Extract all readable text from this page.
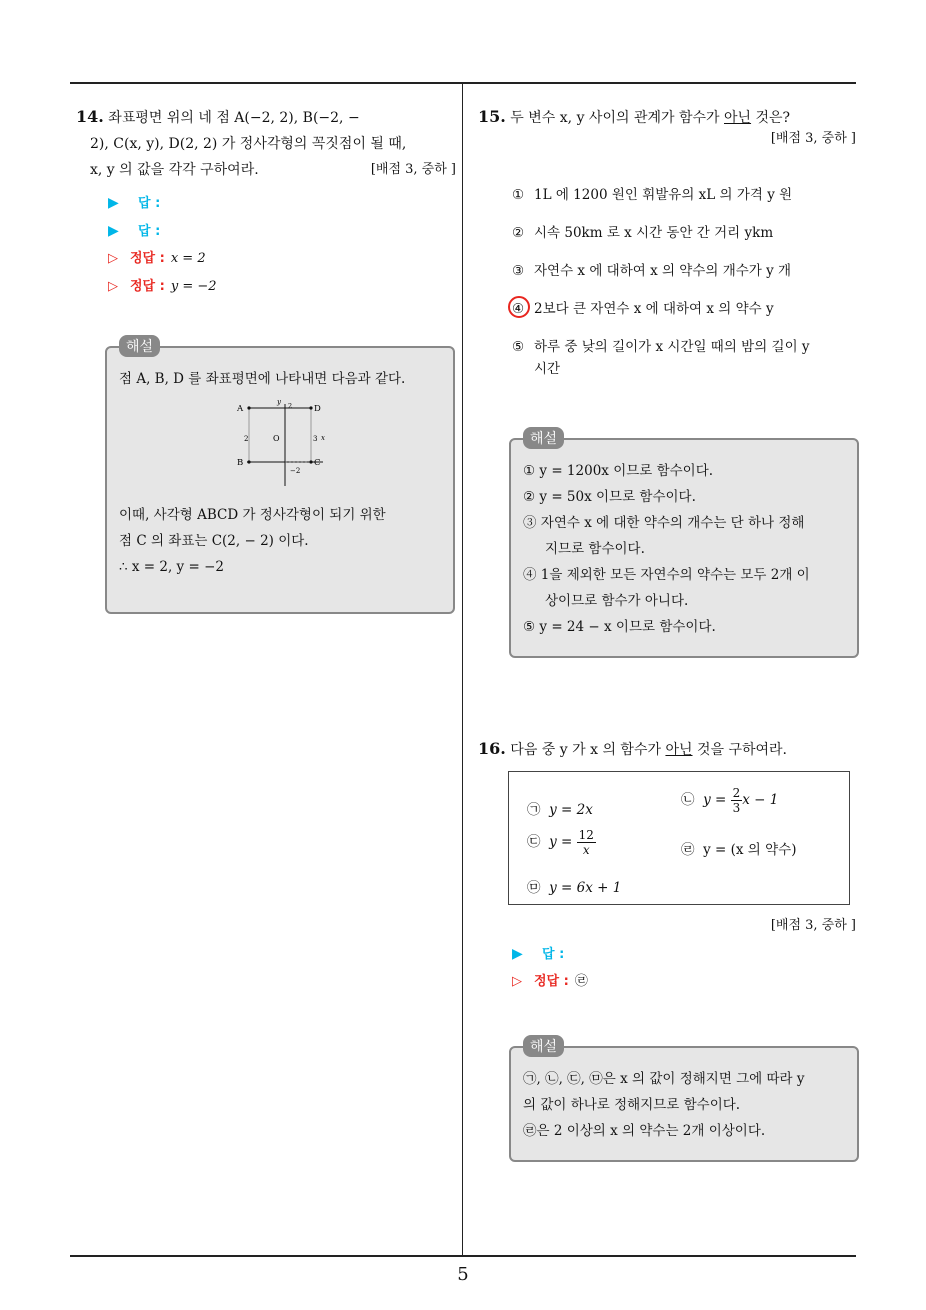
5
14. 좌표평면 위의 네 점 A(−2, 2), B(−2, −
2), C(x, y), D(2, 2) 가 정사각형의 꼭짓점이 될 때,
x, y 의 값을 각각 구하여라.	[배점 3, 중하 ]
▶ 답 :
▶ 답 :
▷ 정답 : x = 2
▷ 정답 : y = −2
해설
점 A, B, D 를 좌표평면에 나타내면 다음과 같다.
A	D
B	C
y
x
O
2
2	3
−2
이때, 사각형 ABCD 가 정사각형이 되기 위한
점 C 의 좌표는 C(2, − 2) 이다.
∴ x = 2, y = −2
15. 두 변수 x, y 사이의 관계가 함수가 아닌 것은?
[배점 3, 중하 ]
① 1L 에 1200 원인 휘발유의 xL 의 가격 y 원
② 시속 50km 로 x 시간 동안 간 거리 ykm
③ 자연수 x 에 대하여 x 의 약수의 개수가 y 개
④ 2보다 큰 자연수 x 에 대하여 x 의 약수 y
⑤ 하루 중 낮의 길이가 x 시간일 때의 밤의 길이 y
시간
해설
① y = 1200x 이므로 함수이다.
② y = 50x 이므로 함수이다.
③ 자연수 x 에 대한 약수의 개수는 단 하나 정해
지므로 함수이다.
④ 1을 제외한 모든 자연수의 약수는 모두 2개 이
상이므로 함수가 아니다.
⑤ y = 24 − x 이므로 함수이다.
16. 다음 중 y 가 x 의 함수가 아닌 것을 구하여라.
㉠ y = 2x
㉡ $y = \frac{2}{3}$ x − 1
㉢ $y = \frac{12}{x}$	㉣ y = (x 의 약수)
㉤ y = 6x + 1
[배점 3, 중하 ]
▶ 답 :
▷ 정답 : ㉣
해설
㉠, ㉡, ㉢, ㉤은 x 의 값이 정해지면 그에 따라 y
의 값이 하나로 정해지므로 함수이다.
㉣은 2 이상의 x 의 약수는 2개 이상이다.
